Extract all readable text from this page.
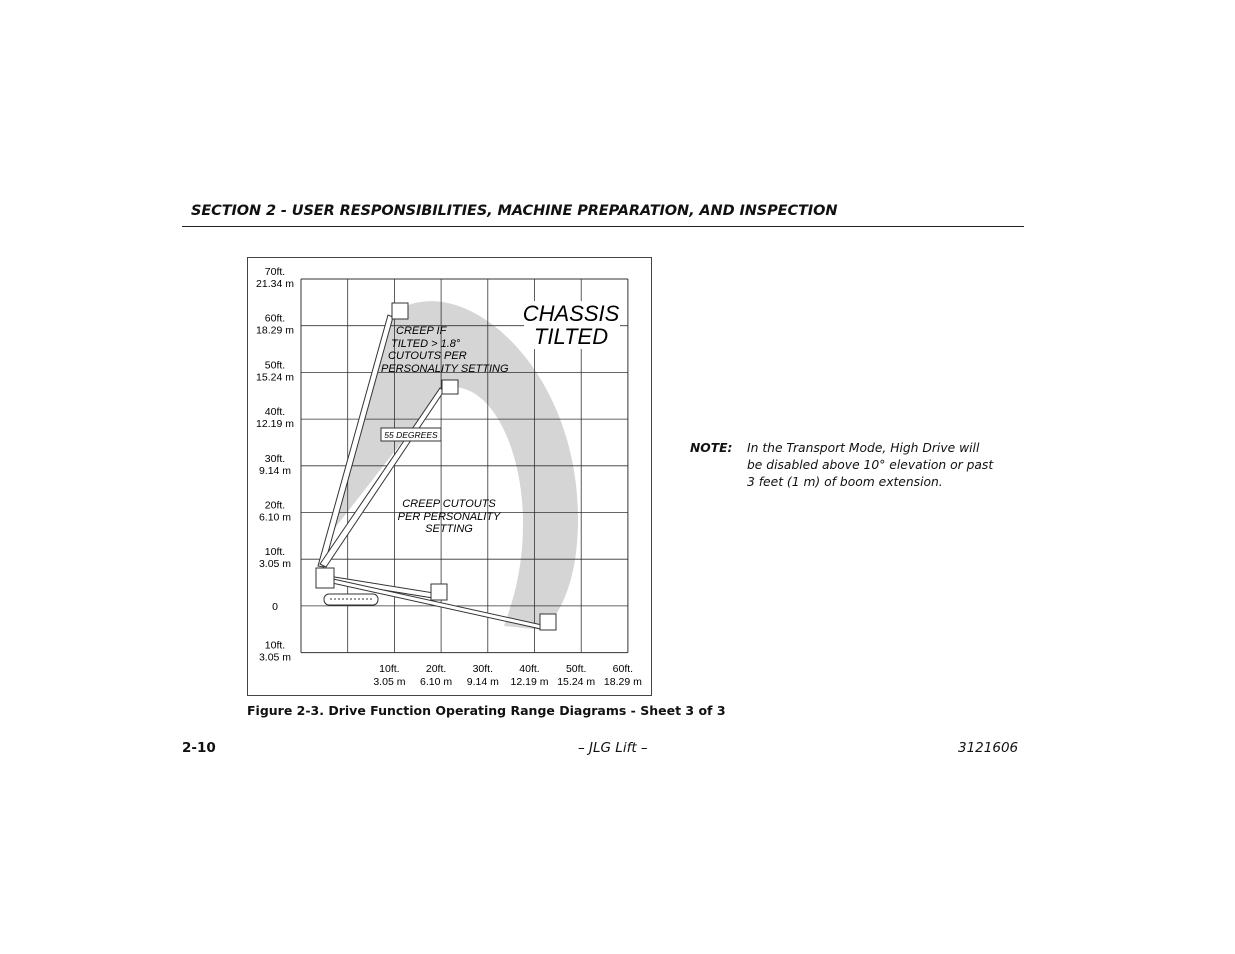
SECTION 2 - USER RESPONSIBILITIES, MACHINE PREPARATION, AND INSPECTION
55 DEGREES
CHASSIS
TILTED
CREEP IF
TILTED > 1.8°
CUTOUTS PER
PERSONALITY SETTING
CREEP CUTOUTS
PER PERSONALITY
SETTING
70ft.
21.34 m
60ft.
18.29 m
50ft.
15.24 m
40ft.
12.19 m
30ft.
9.14 m
20ft.
6.10 m
10ft.
3.05 m
0
10ft.
3.05 m
10ft.
3.05 m
20ft.
6.10 m
30ft.
9.14 m
40ft.
12.19 m
50ft.
15.24 m
60ft.
18.29 m
Figure 2-3. Drive Function Operating Range Diagrams - Sheet 3 of 3
NOTE: In the Transport Mode, High Drive will be disabled above 10° elevation or past 3 feet (1 m) of boom extension.
2-10	– JLG Lift –	3121606
